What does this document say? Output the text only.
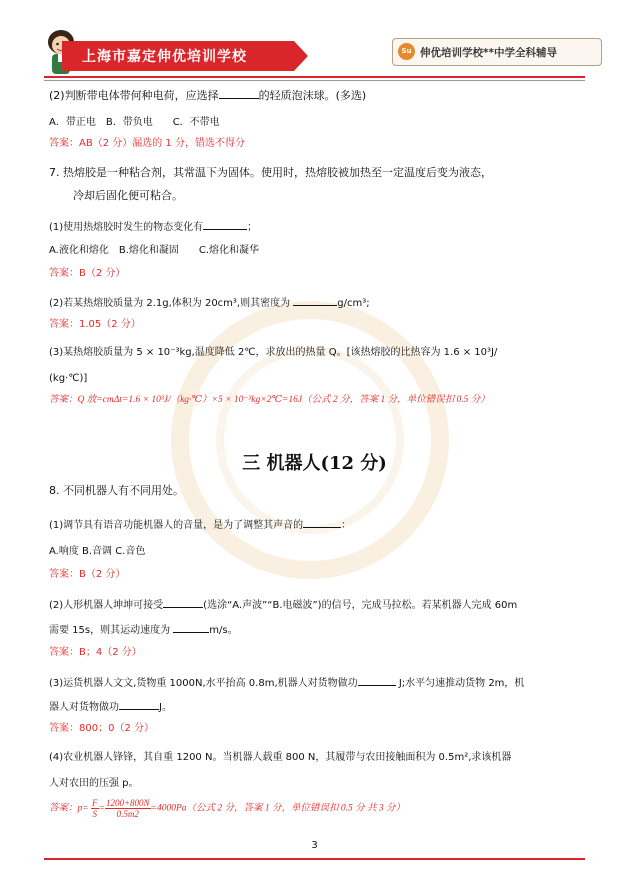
上海市嘉定伸优培训学校	Su 伸优培训学校**中学全科辅导
(2)判断带电体带何种电荷，应选择	的轻质泡沫球。(多选)
A．带正电　B．带负电　　C．不带电
答案：AB（2 分）漏选的 1 分，错选不得分
7. 热熔胶是一种粘合剂，其常温下为固体。使用时，热熔胶被加热至一定温度后变为液态，
冷却后固化便可粘合。
(1)使用热熔胶时发生的物态变化有	；
A.液化和熔化　B.熔化和凝固　　C.熔化和凝华
答案：B（2 分）
(2)若某热熔胶质量为 2.1g,体积为 20cm³,则其密度为	g/cm³;
答案：1.05（2 分）
(3)某热熔胶质量为 5 × 10⁻³kg,温度降低 2℃，求放出的热量 Q。[该热熔胶的比热容为 1.6 × 10³J/
(kg·℃)]
答案：Q 放=cmΔt=1.6 × 10³J/（kg·℃）×5 × 10⁻³kg×2℃=16J（公式 2 分，答案 1 分，单位错误扣 0.5 分）
三 机器人(12 分)
8. 不同机器人有不同用处。
(1)调节具有语音功能机器人的音量，是为了调整其声音的	：
A.响度 B.音调 C.音色
答案：B（2 分）
(2)人形机器人坤坤可接受	(选涂“A.声波”“B.电磁波”)的信号，完成马拉松。若某机器人完成 60m
需要 15s，则其运动速度为	m/s。
答案：B；4（2 分）
(3)运货机器人文文,货物重 1000N,水平抬高 0.8m,机器人对货物做功	J;水平匀速推动货物 2m，机
器人对货物做功	J。
答案：800；0（2 分）
(4)农业机器人锋锋，其自重 1200 N。当机器人载重 800 N，其履带与农田接触面积为 0.5m²,求该机器
人对农田的压强 p。
答案：$p= \frac{F}{S} = \frac{1200+800N}{0.5m2} =4000Pa$（公式 2 分，答案 1 分，单位错误扣 0.5 分 共 3 分）
3
